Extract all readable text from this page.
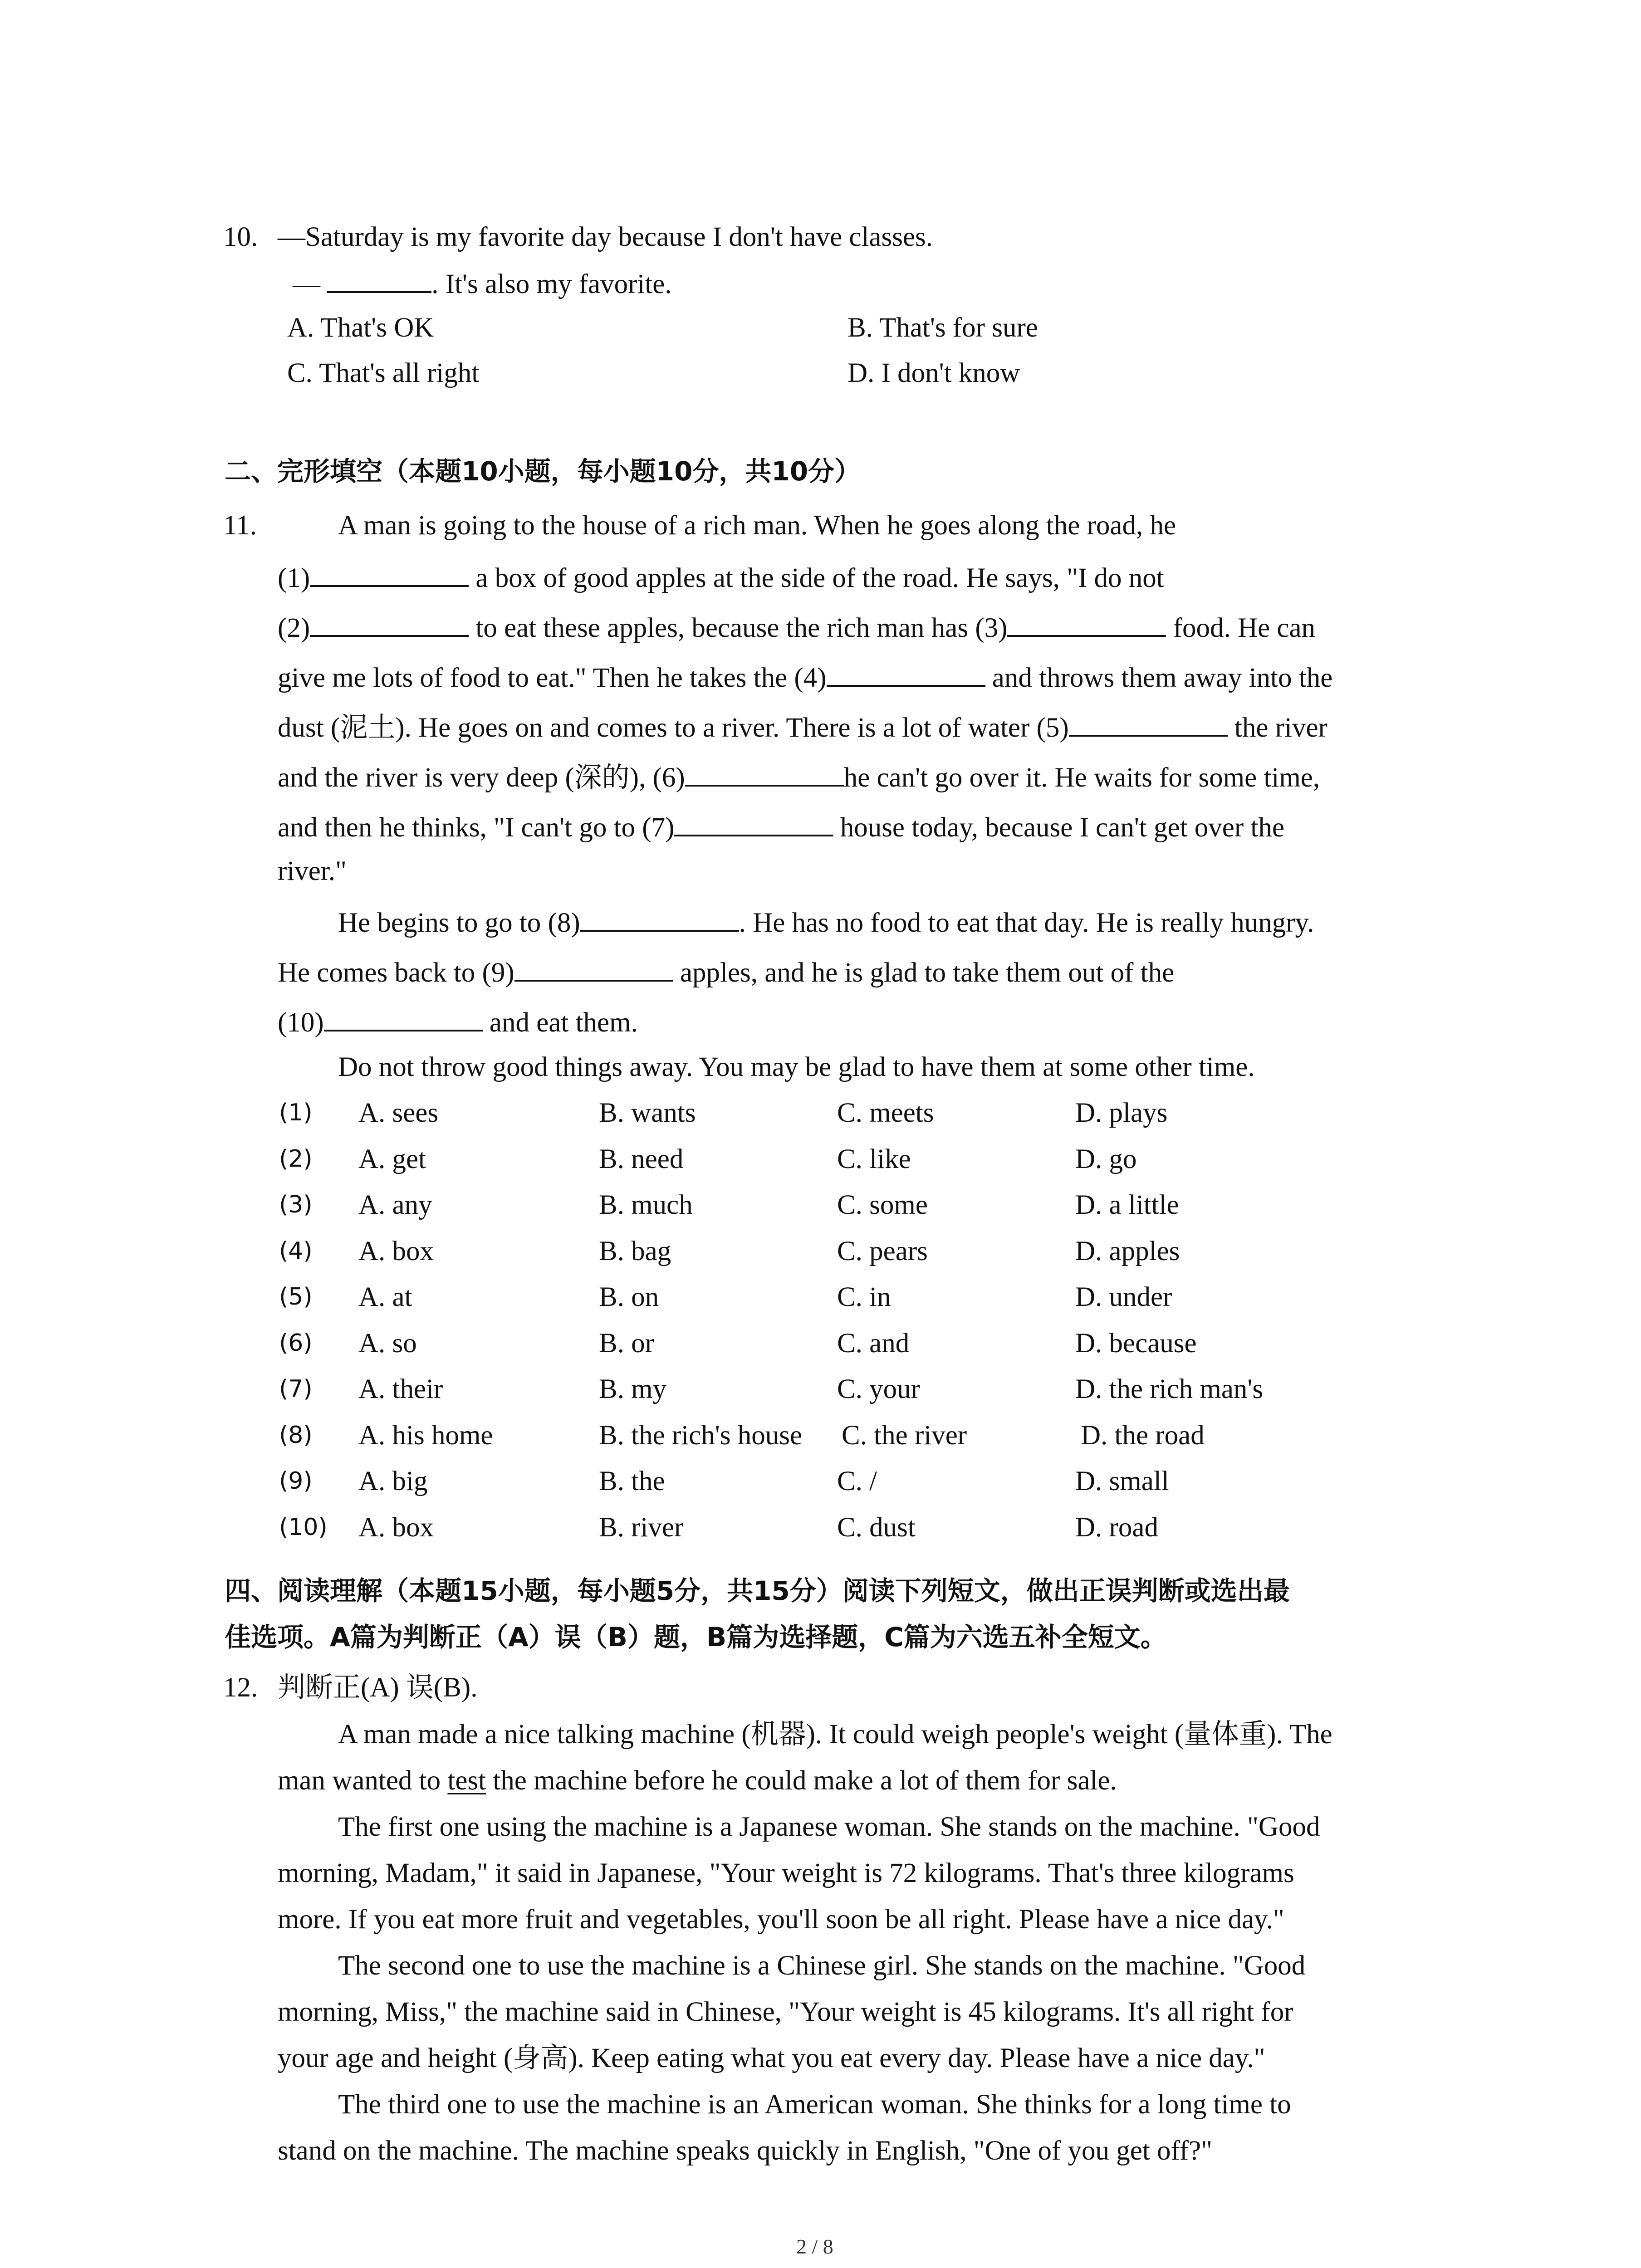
10. —Saturday is my favorite day because I don't have classes.
—	. It's also my favorite.
A. That's OK	B. That's for sure
C. That's all right	D. I don't know
二、完形填空（本题10小题，每小题10分，共10分）
11.	A man is going to the house of a rich man. When he goes along the road, he
(1)	a box of good apples at the side of the road. He says, "I do not
(2)	to eat these apples, because the rich man has (3)	food. He can
give me lots of food to eat." Then he takes the (4)	and throws them away into the
dust (泥土). He goes on and comes to a river. There is a lot of water (5)	the river
and the river is very deep (深的), (6)	he can't go over it. He waits for some time,
and then he thinks, "I can't go to (7)	house today, because I can't get over the
river."
He begins to go to (8)	. He has no food to eat that day. He is really hungry.
He comes back to (9)	apples, and he is glad to take them out of the
(10)	and eat them.
Do not throw good things away. You may be glad to have them at some other time.
(1) A. sees	B. wants	C. meets	D. plays
(2) A. get	B. need	C. like	D. go
(3) A. any	B. much	C. some	D. a little
(4) A. box	B. bag	C. pears	D. apples
(5) A. at	B. on	C. in	D. under
(6) A. so	B. or	C. and	D. because
(7) A. their	B. my	C. your	D. the rich man's
(8) A. his home	B. the rich's house C. the river	D. the road
(9) A. big	B. the	C. /	D. small
(10) A. box	B. river	C. dust	D. road
四、阅读理解（本题15小题，每小题5分，共15分）阅读下列短文，做出正误判断或选出最
佳选项。A篇为判断正（A）误（B）题，B篇为选择题，C篇为六选五补全短文。
12. 判断正(A) 误(B).
A man made a nice talking machine (机器). It could weigh people's weight (量体重). The
man wanted to test the machine before he could make a lot of them for sale.
The first one using the machine is a Japanese woman. She stands on the machine. "Good
morning, Madam," it said in Japanese, "Your weight is 72 kilograms. That's three kilograms
more. If you eat more fruit and vegetables, you'll soon be all right. Please have a nice day."
The second one to use the machine is a Chinese girl. She stands on the machine. "Good
morning, Miss," the machine said in Chinese, "Your weight is 45 kilograms. It's all right for
your age and height (身高). Keep eating what you eat every day. Please have a nice day."
The third one to use the machine is an American woman. She thinks for a long time to
stand on the machine. The machine speaks quickly in English, "One of you get off?"
2 / 8
